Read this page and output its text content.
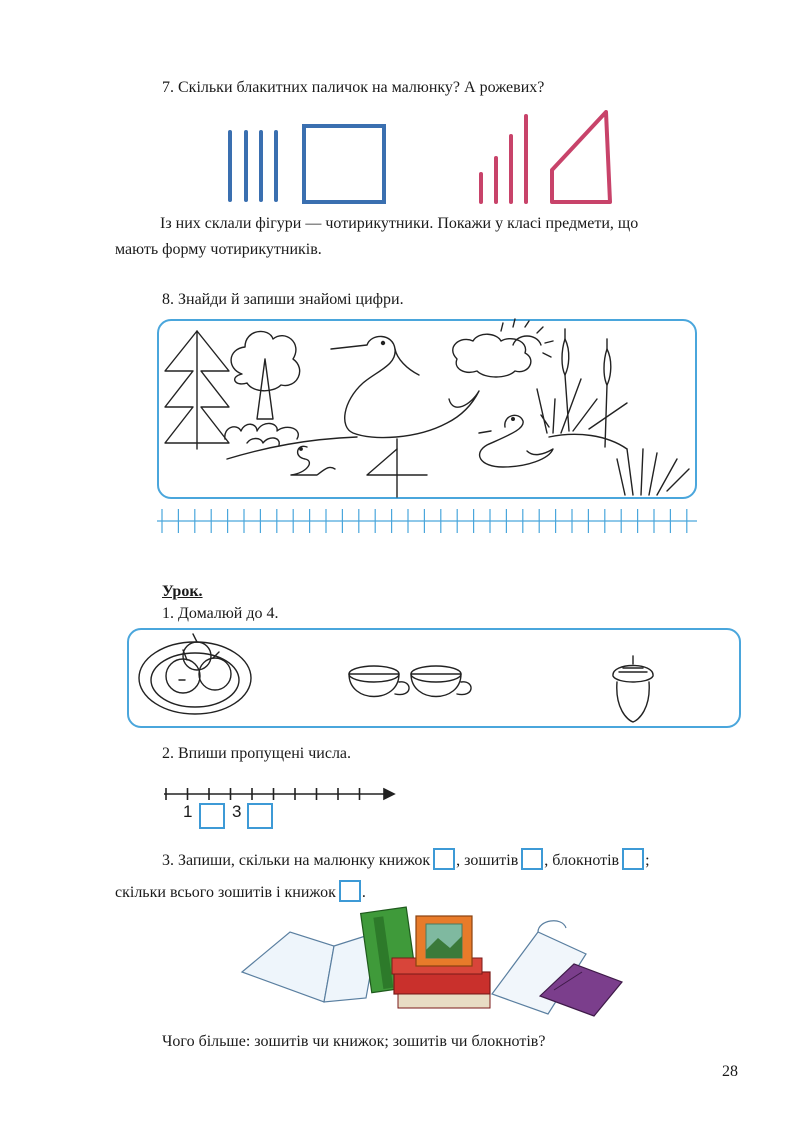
7. Скільки блакитних паличок на малюнку? А рожевих?
Із них склали фігури — чотирикутники. Покажи у класі предмети, що
мають форму чотирикутників.
8. Знайди й запиши знайомі цифри.
Урок.
1. Домалюй до 4.
2. Впиши пропущені числа.
1 3
3. Запиши, скільки на малюнку книжок , зошитів , блокнотів ;
скільки всього зошитів і книжок .
Чого більше: зошитів чи книжок; зошитів чи блокнотів?
28
